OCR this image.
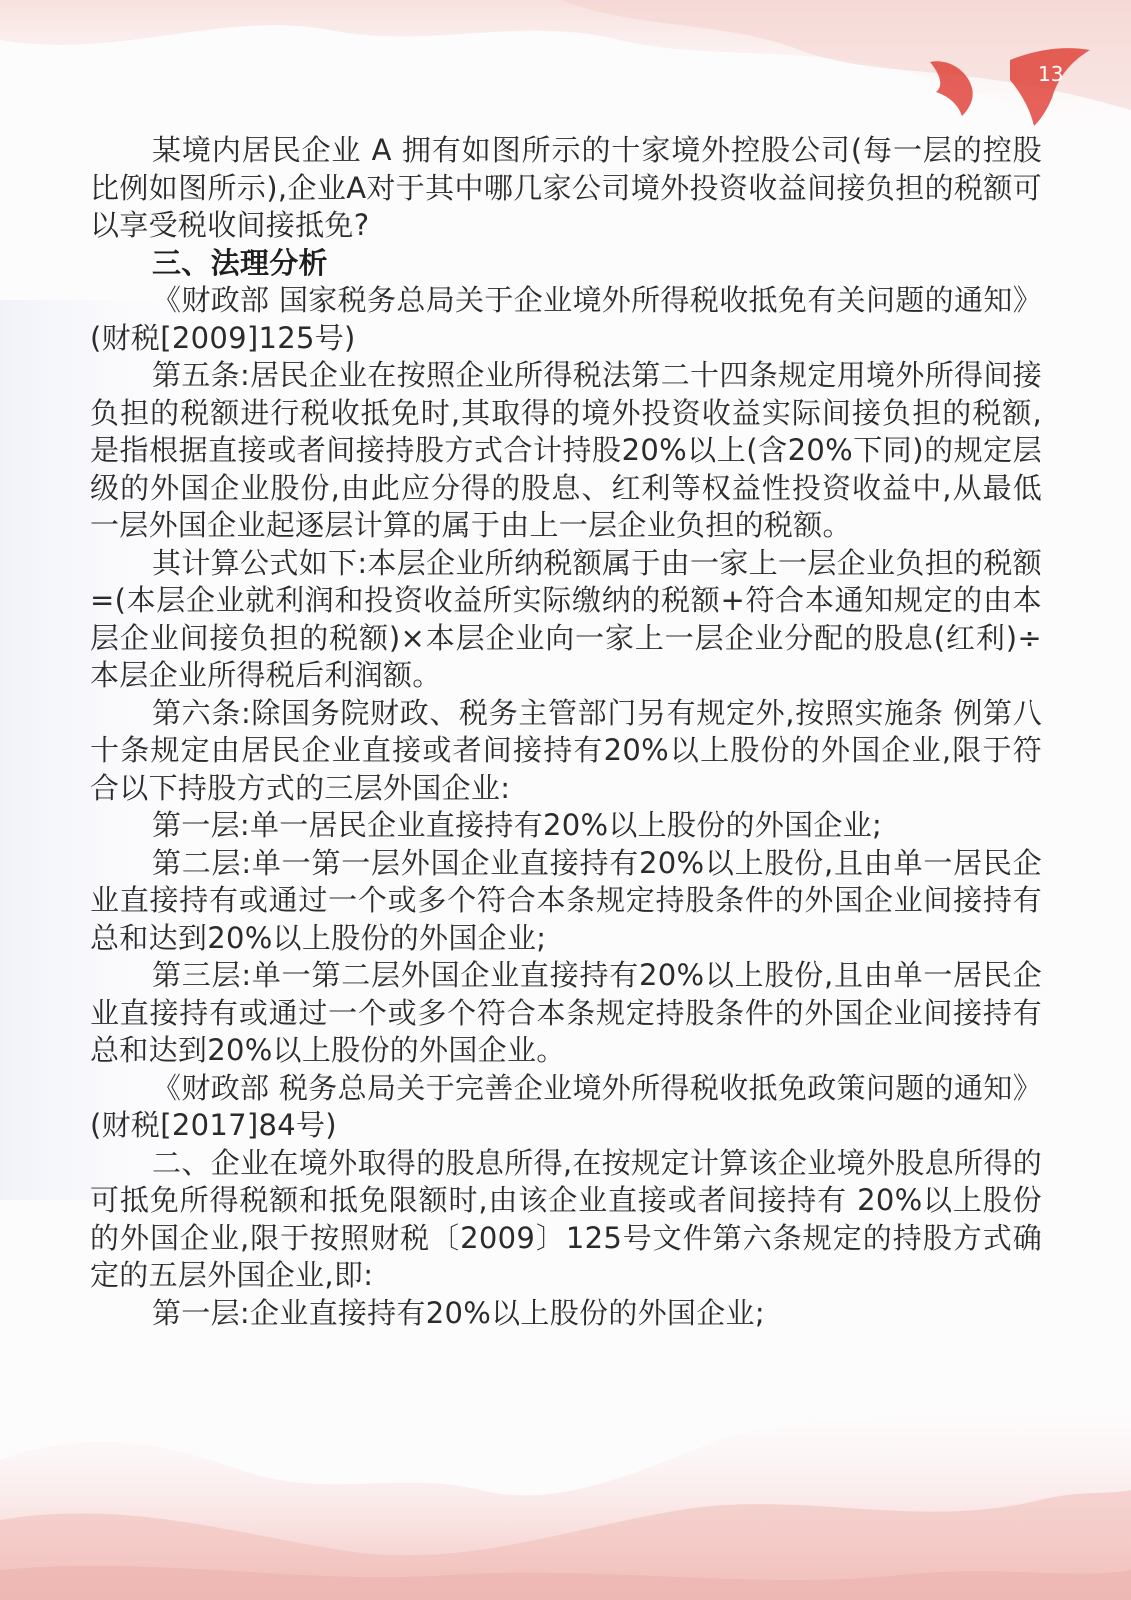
13

某境内居民企业 A 拥有如图所示的十家境外控股公司(每一层的控股比例如图所示),企业A对于其中哪几家公司境外投资收益间接负担的税额可以享受税收间接抵免?

三、法理分析

《财政部 国家税务总局关于企业境外所得税收抵免有关问题的通知》(财税[2009]125号)

第五条:居民企业在按照企业所得税法第二十四条规定用境外所得间接负担的税额进行税收抵免时,其取得的境外投资收益实际间接负担的税额,是指根据直接或者间接持股方式合计持股20%以上(含20%下同)的规定层级的外国企业股份,由此应分得的股息、红利等权益性投资收益中,从最低一层外国企业起逐层计算的属于由上一层企业负担的税额。

其计算公式如下:本层企业所纳税额属于由一家上一层企业负担的税额=(本层企业就利润和投资收益所实际缴纳的税额+符合本通知规定的由本层企业间接负担的税额)×本层企业向一家上一层企业分配的股息(红利)÷本层企业所得税后利润额。

第六条:除国务院财政、税务主管部门另有规定外,按照实施条 例第八十条规定由居民企业直接或者间接持有20%以上股份的外国企业,限于符合以下持股方式的三层外国企业:

第一层:单一居民企业直接持有20%以上股份的外国企业;

第二层:单一第一层外国企业直接持有20%以上股份,且由单一居民企业直接持有或通过一个或多个符合本条规定持股条件的外国企业间接持有总和达到20%以上股份的外国企业;

第三层:单一第二层外国企业直接持有20%以上股份,且由单一居民企业直接持有或通过一个或多个符合本条规定持股条件的外国企业间接持有总和达到20%以上股份的外国企业。

《财政部 税务总局关于完善企业境外所得税收抵免政策问题的通知》(财税[2017]84号)

二、企业在境外取得的股息所得,在按规定计算该企业境外股息所得的可抵免所得税额和抵免限额时,由该企业直接或者间接持有 20%以上股份的外国企业,限于按照财税〔2009〕125号文件第六条规定的持股方式确定的五层外国企业,即:

第一层:企业直接持有20%以上股份的外国企业;
